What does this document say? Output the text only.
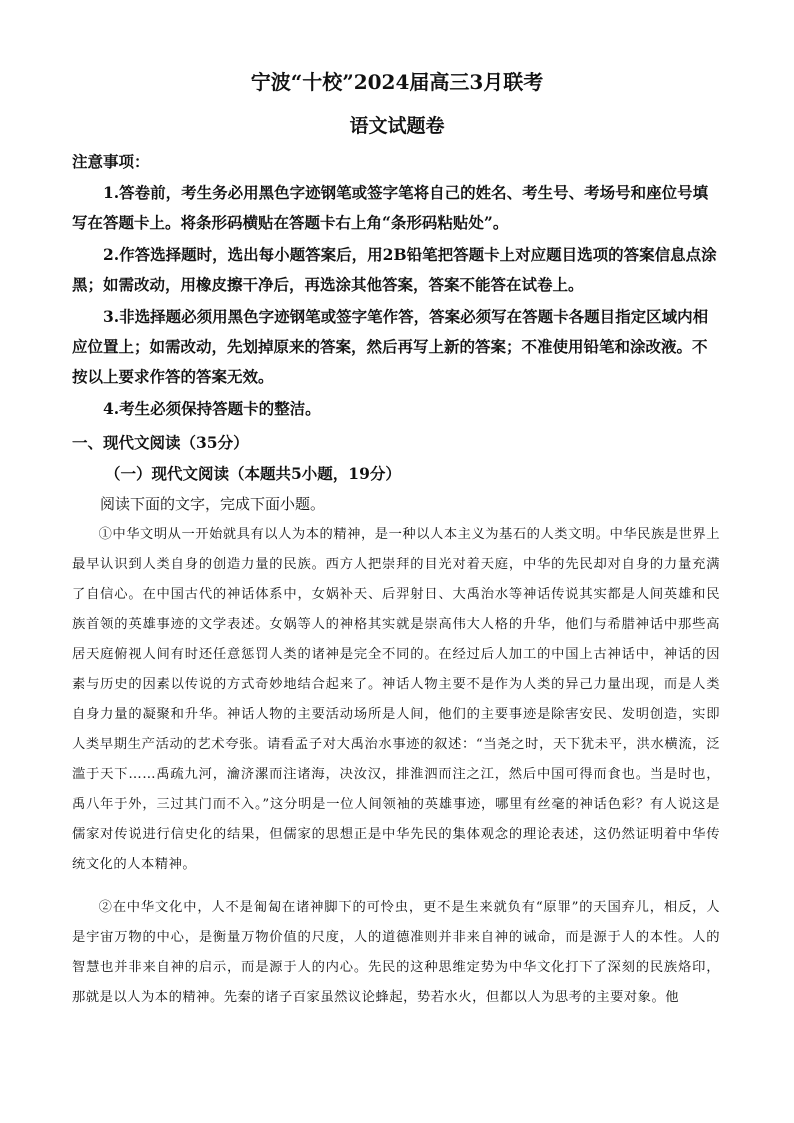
宁波“十校”2024届高三3月联考
语文试题卷
注意事项：
1.答卷前，考生务必用黑色字迹钢笔或签字笔将自己的姓名、考生号、考场号和座位号填写在答题卡上。将条形码横贴在答题卡右上角“条形码粘贴处”。
2.作答选择题时，选出每小题答案后，用2B铅笔把答题卡上对应题目选项的答案信息点涂黑；如需改动，用橡皮擦干净后，再选涂其他答案，答案不能答在试卷上。
3.非选择题必须用黑色字迹钢笔或签字笔作答，答案必须写在答题卡各题目指定区域内相应位置上；如需改动，先划掉原来的答案，然后再写上新的答案；不准使用铅笔和涂改液。不按以上要求作答的答案无效。
4.考生必须保持答题卡的整洁。
一、现代文阅读（35分）
（一）现代文阅读（本题共5小题，19分）
阅读下面的文字，完成下面小题。
①中华文明从一开始就具有以人为本的精神，是一种以人本主义为基石的人类文明。中华民族是世界上最早认识到人类自身的创造力量的民族。西方人把崇拜的目光对着天庭，中华的先民却对自身的力量充满了自信心。在中国古代的神话体系中，女娲补天、后羿射日、大禹治水等神话传说其实都是人间英雄和民族首领的英雄事迹的文学表述。女娲等人的神格其实就是崇高伟大人格的升华，他们与希腊神话中那些高居天庭俯视人间有时还任意惩罚人类的诸神是完全不同的。在经过后人加工的中国上古神话中，神话的因素与历史的因素以传说的方式奇妙地结合起来了。神话人物主要不是作为人类的异己力量出现，而是人类自身力量的凝聚和升华。神话人物的主要活动场所是人间，他们的主要事迹是除害安民、发明创造，实即人类早期生产活动的艺术夸张。请看孟子对大禹治水事迹的叙述：“当尧之时，天下犹未平，洪水横流，泛滥于天下……禹疏九河，瀹济漯而注诸海，决汝汉，排淮泗而注之江，然后中国可得而食也。当是时也，禹八年于外，三过其门而不入。”这分明是一位人间领袖的英雄事迹，哪里有丝毫的神话色彩？有人说这是儒家对传说进行信史化的结果，但儒家的思想正是中华先民的集体观念的理论表述，这仍然证明着中华传统文化的人本精神。
②在中华文化中，人不是匍匐在诸神脚下的可怜虫，更不是生来就负有“原罪”的天国弃儿，相反，人是宇宙万物的中心，是衡量万物价值的尺度，人的道德准则并非来自神的诫命，而是源于人的本性。人的智慧也并非来自神的启示，而是源于人的内心。先民的这种思维定势为中华文化打下了深刻的民族烙印，那就是以人为本的精神。先秦的诸子百家虽然议论蜂起，势若水火，但都以人为思考的主要对象。他
